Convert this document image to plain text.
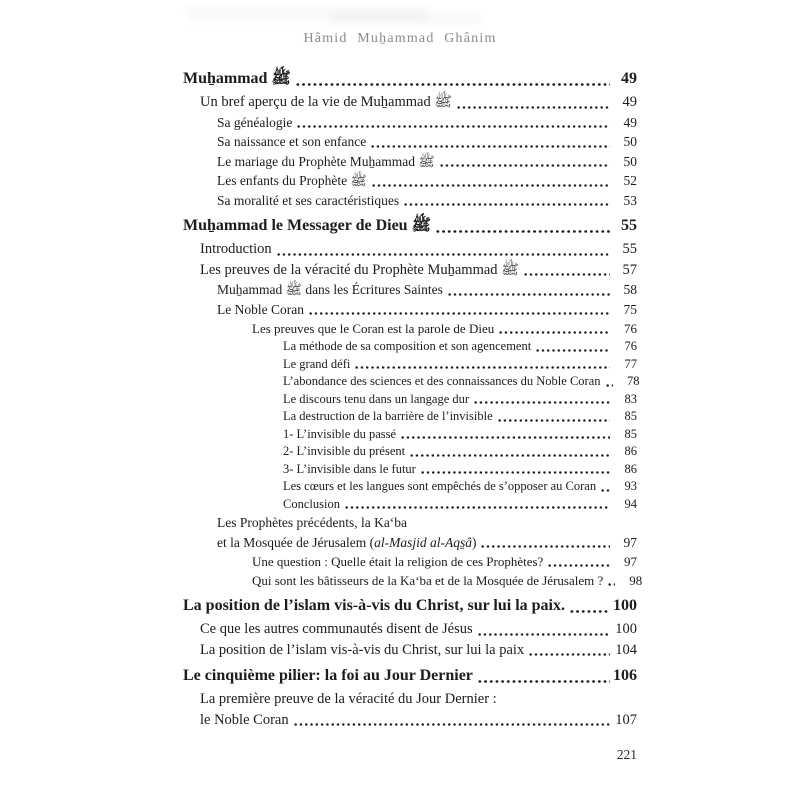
Hâmid Muẖammad Ghânim
Muẖammad ﷺ	49
Un bref aperçu de la vie de Muẖammad ﷺ	49
Sa généalogie	49
Sa naissance et son enfance	50
Le mariage du Prophète Muẖammad ﷺ	50
Les enfants du Prophète ﷺ	52
Sa moralité et ses caractéristiques	53
Muẖammad le Messager de Dieu ﷺ	55
Introduction	55
Les preuves de la véracité du Prophète Muẖammad ﷺ	57
Muẖammad ﷺ dans les Écritures Saintes	58
Le Noble Coran	75
Les preuves que le Coran est la parole de Dieu	76
La méthode de sa composition et son agencement	76
Le grand défi	77
L’abondance des sciences et des connaissances du Noble Coran	78
Le discours tenu dans un langage dur	83
La destruction de la barrière de l’invisible	85
1- L’invisible du passé	85
2- L’invisible du présent	86
3- L’invisible dans le futur	86
Les cœurs et les langues sont empêchés de s’opposer au Coran	93
Conclusion	94
Les Prophètes précédents, la Ka‘ba
et la Mosquée de Jérusalem (al-Masjid al-Aqs̱â)	97
Une question : Quelle était la religion de ces Prophètes?	97
Qui sont les bâtisseurs de la Ka‘ba et de la Mosquée de Jérusalem ?	98
La position de l’islam vis-à-vis du Christ, sur lui la paix.	100
Ce que les autres communautés disent de Jésus	100
La position de l’islam vis-à-vis du Christ, sur lui la paix	104
Le cinquième pilier: la foi au Jour Dernier	106
La première preuve de la véracité du Jour Dernier :
le Noble Coran	107
221
